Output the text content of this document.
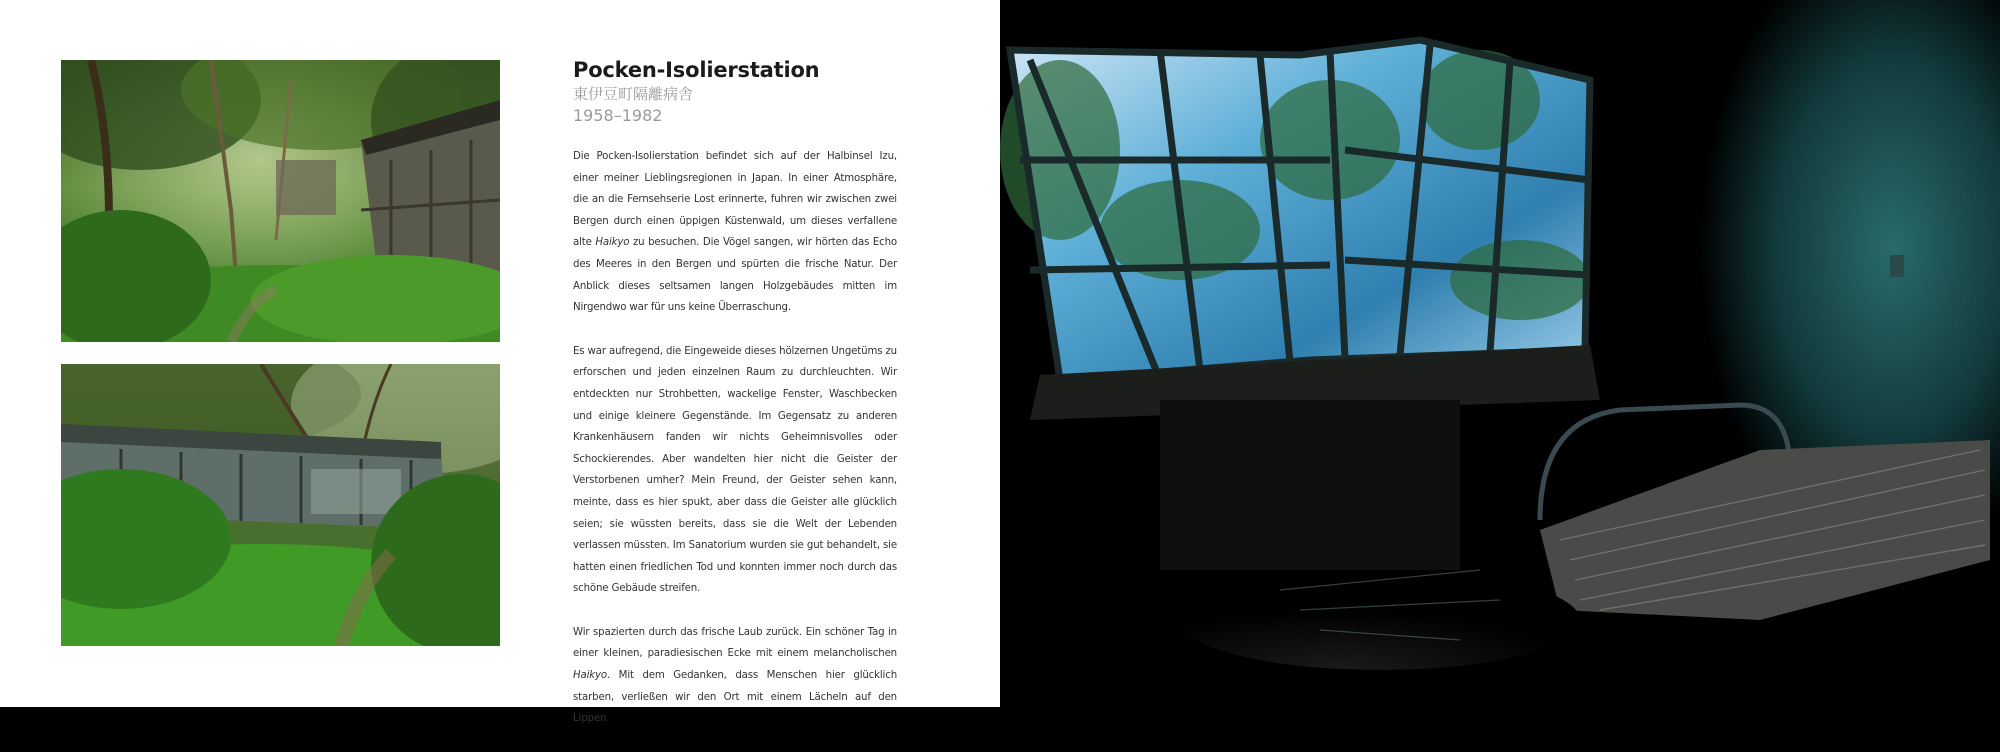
Pocken-Isolierstation

東伊豆町隔離病舎

1958–1982

Die Pocken-Isolierstation befindet sich auf der Halbinsel Izu, einer meiner Lieblingsregionen in Japan. In einer Atmosphäre, die an die Fernsehserie Lost erinnerte, fuhren wir zwischen zwei Bergen durch einen üppigen Küstenwald, um dieses verfallene alte Haikyo zu besuchen. Die Vögel sangen, wir hörten das Echo des Meeres in den Bergen und spürten die frische Natur. Der Anblick dieses seltsamen langen Holzgebäudes mitten im Nirgendwo war für uns keine Überraschung.

Es war aufregend, die Eingeweide dieses hölzernen Ungetüms zu erforschen und jeden einzelnen Raum zu durchleuchten. Wir entdeckten nur Strohbetten, wackelige Fenster, Waschbecken und einige kleinere Gegenstände. Im Gegensatz zu anderen Krankenhäusern fanden wir nichts Geheimnisvolles oder Schockierendes. Aber wandelten hier nicht die Geister der Verstorbenen umher? Mein Freund, der Geister sehen kann, meinte, dass es hier spukt, aber dass die Geister alle glücklich seien; sie wüssten bereits, dass sie die Welt der Lebenden verlassen müssten. Im Sanatorium wurden sie gut behandelt, sie hatten einen friedlichen Tod und konnten immer noch durch das schöne Gebäude streifen.

Wir spazierten durch das frische Laub zurück. Ein schöner Tag in einer kleinen, paradiesischen Ecke mit einem melancholischen Haikyo. Mit dem Gedanken, dass Menschen hier glücklich starben, verließen wir den Ort mit einem Lächeln auf den Lippen.
